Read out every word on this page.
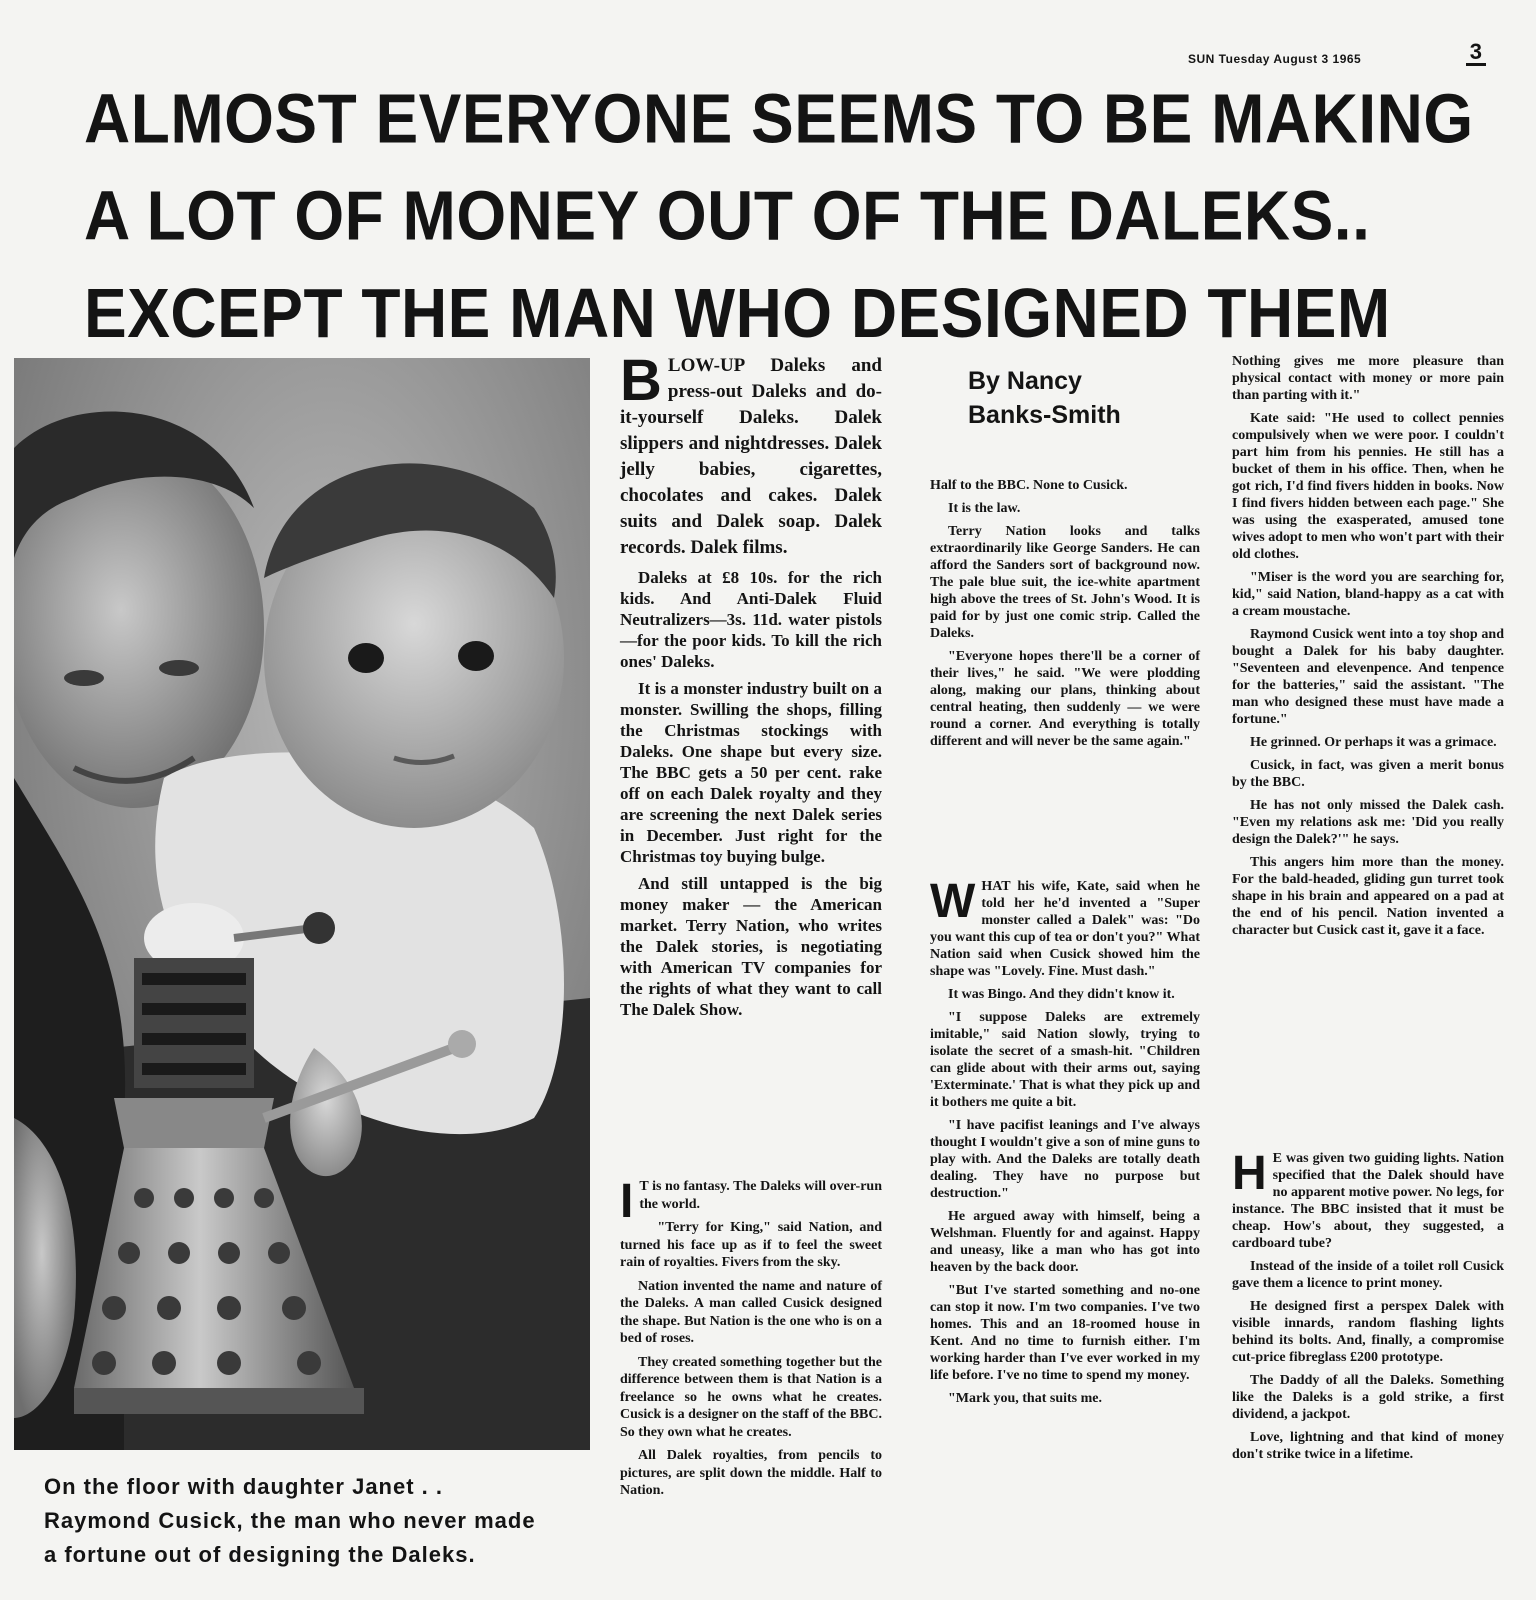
SUN Tuesday August 3 1965	3
ALMOST EVERYONE SEEMS TO BE MAKING
A LOT OF MONEY OUT OF THE DALEKS..
EXCEPT THE MAN WHO DESIGNED THEM

On the floor with daughter Janet . .

Raymond Cusick, the man who never made

a fortune out of designing the Daleks.

BLOW-UP Daleks and press-out Daleks and do-it-yourself Daleks. Dalek slippers and nightdresses. Dalek jelly babies, cigarettes, chocolates and cakes. Dalek suits and Dalek soap. Dalek records. Dalek films.

Daleks at £8 10s. for the rich kids. And Anti-Dalek Fluid Neutralizers—3s. 11d. water pistols—for the poor kids. To kill the rich ones' Daleks.

It is a monster industry built on a monster. Swilling the shops, filling the Christmas stockings with Daleks. One shape but every size. The BBC gets a 50 per cent. rake off on each Dalek royalty and they are screening the next Dalek series in December. Just right for the Christmas toy buying bulge.

And still untapped is the big money maker — the American market. Terry Nation, who writes the Dalek stories, is negotiating with American TV companies for the rights of what they want to call The Dalek Show.

I T is no fantasy. The Daleks will over-run the world.

"Terry for King," said Nation, and turned his face up as if to feel the sweet rain of royalties. Fivers from the sky.

Nation invented the name and nature of the Daleks. A man called Cusick designed the shape. But Nation is the one who is on a bed of roses.

They created something together but the difference between them is that Nation is a freelance so he owns what he creates. Cusick is a designer on the staff of the BBC. So they own what he creates.

All Dalek royalties, from pencils to pictures, are split down the middle. Half to Nation.

By Nancy
Banks-Smith

Half to the BBC. None to Cusick.

It is the law.

Terry Nation looks and talks extraordinarily like George Sanders. He can afford the Sanders sort of background now. The pale blue suit, the ice-white apartment high above the trees of St. John's Wood. It is paid for by just one comic strip. Called the Daleks.

"Everyone hopes there'll be a corner of their lives," he said. "We were plodding along, making our plans, thinking about central heating, then suddenly — we were round a corner. And everything is totally different and will never be the same again."

WHAT his wife, Kate, said when he told her he'd invented a "Super monster called a Dalek" was: "Do you want this cup of tea or don't you?" What Nation said when Cusick showed him the shape was "Lovely. Fine. Must dash."

It was Bingo. And they didn't know it.

"I suppose Daleks are extremely imitable," said Nation slowly, trying to isolate the secret of a smash-hit. "Children can glide about with their arms out, saying 'Exterminate.' That is what they pick up and it bothers me quite a bit.

"I have pacifist leanings and I've always thought I wouldn't give a son of mine guns to play with. And the Daleks are totally death dealing. They have no purpose but destruction."

He argued away with himself, being a Welshman. Fluently for and against. Happy and uneasy, like a man who has got into heaven by the back door.

"But I've started something and no-one can stop it now. I'm two companies. I've two homes. This and an 18-roomed house in Kent. And no time to furnish either. I'm working harder than I've ever worked in my life before. I've no time to spend my money.

"Mark you, that suits me.

Nothing gives me more pleasure than physical contact with money or more pain than parting with it."

Kate said: "He used to collect pennies compulsively when we were poor. I couldn't part him from his pennies. He still has a bucket of them in his office. Then, when he got rich, I'd find fivers hidden in books. Now I find fivers hidden between each page." She was using the exasperated, amused tone wives adopt to men who won't part with their old clothes.

"Miser is the word you are searching for, kid," said Nation, bland-happy as a cat with a cream moustache.

Raymond Cusick went into a toy shop and bought a Dalek for his baby daughter. "Seventeen and elevenpence. And tenpence for the batteries," said the assistant. "The man who designed these must have made a fortune."

He grinned. Or perhaps it was a grimace.

Cusick, in fact, was given a merit bonus by the BBC.

He has not only missed the Dalek cash. "Even my relations ask me: 'Did you really design the Dalek?'" he says.

This angers him more than the money. For the bald-headed, gliding gun turret took shape in his brain and appeared on a pad at the end of his pencil. Nation invented a character but Cusick cast it, gave it a face.

H E was given two guiding lights. Nation specified that the Dalek should have no apparent motive power. No legs, for instance. The BBC insisted that it must be cheap. How's about, they suggested, a cardboard tube?

Instead of the inside of a toilet roll Cusick gave them a licence to print money.

He designed first a perspex Dalek with visible innards, random flashing lights behind its bolts. And, finally, a compromise cut-price fibreglass £200 prototype.

The Daddy of all the Daleks. Something like the Daleks is a gold strike, a first dividend, a jackpot.

Love, lightning and that kind of money don't strike twice in a lifetime.
